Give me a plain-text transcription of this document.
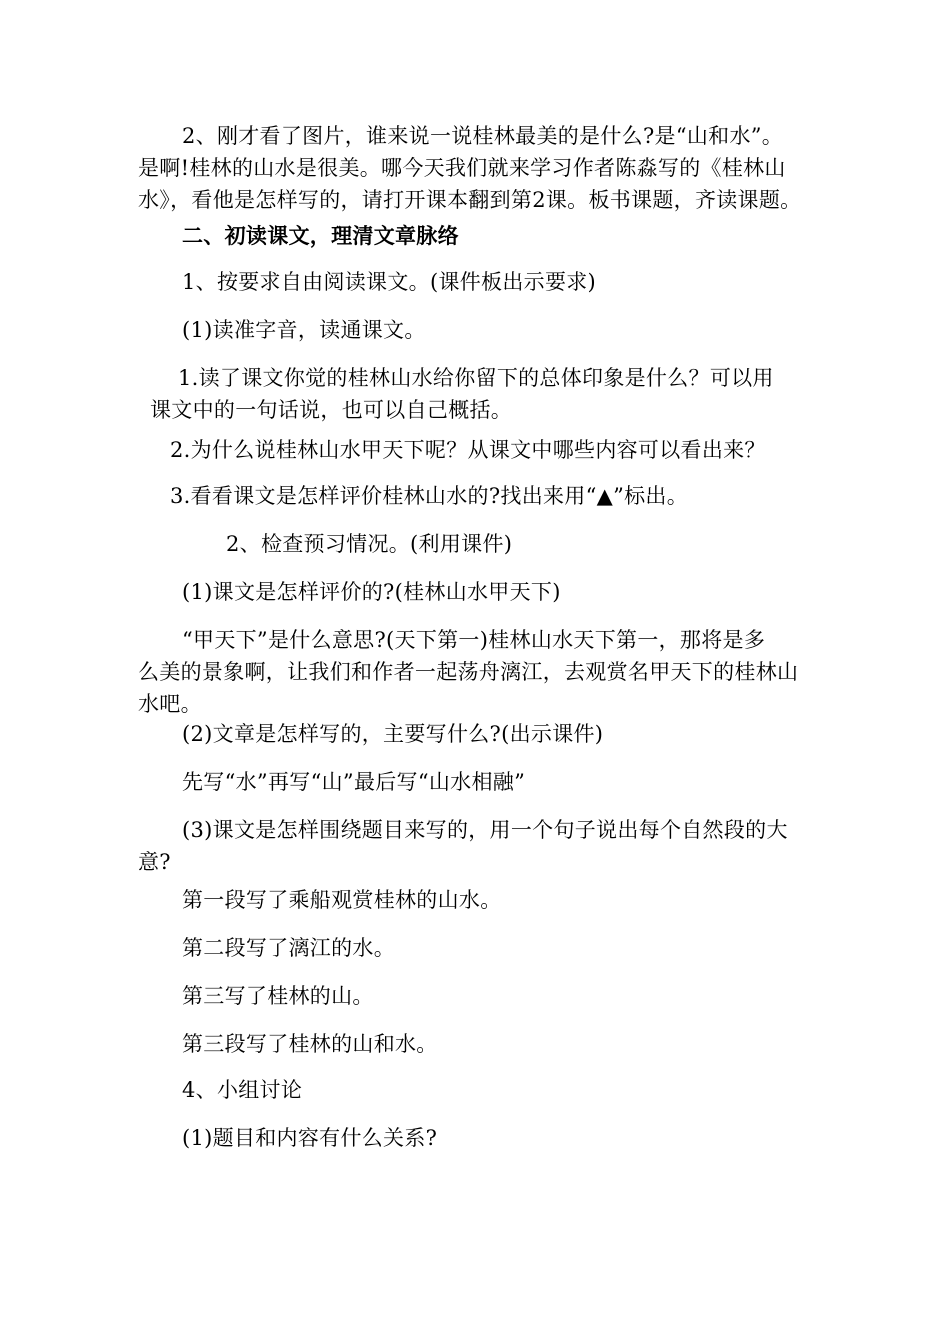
2、刚才看了图片，谁来说一说桂林最美的是什么?是“山和水”。
是啊!桂林的山水是很美。哪今天我们就来学习作者陈淼写的《桂林山
水》，看他是怎样写的，请打开课本翻到第2课。板书课题，齐读课题。
二、初读课文，理清文章脉络
1、按要求自由阅读课文。(课件板出示要求)
(1)读准字音，读通课文。
1.读了课文你觉的桂林山水给你留下的总体印象是什么？可以用
课文中的一句话说，也可以自己概括。
2.为什么说桂林山水甲天下呢？从课文中哪些内容可以看出来？
3.看看课文是怎样评价桂林山水的?找出来用“▲”标出。
2、检查预习情况。(利用课件)
(1)课文是怎样评价的?(桂林山水甲天下)
“甲天下”是什么意思?(天下第一)桂林山水天下第一，那将是多
么美的景象啊，让我们和作者一起荡舟漓江，去观赏名甲天下的桂林山
水吧。
(2)文章是怎样写的，主要写什么?(出示课件)
先写“水”再写“山”最后写“山水相融”
(3)课文是怎样围绕题目来写的，用一个句子说出每个自然段的大
意?
第一段写了乘船观赏桂林的山水。
第二段写了漓江的水。
第三写了桂林的山。
第三段写了桂林的山和水。
4、小组讨论
(1)题目和内容有什么关系?
